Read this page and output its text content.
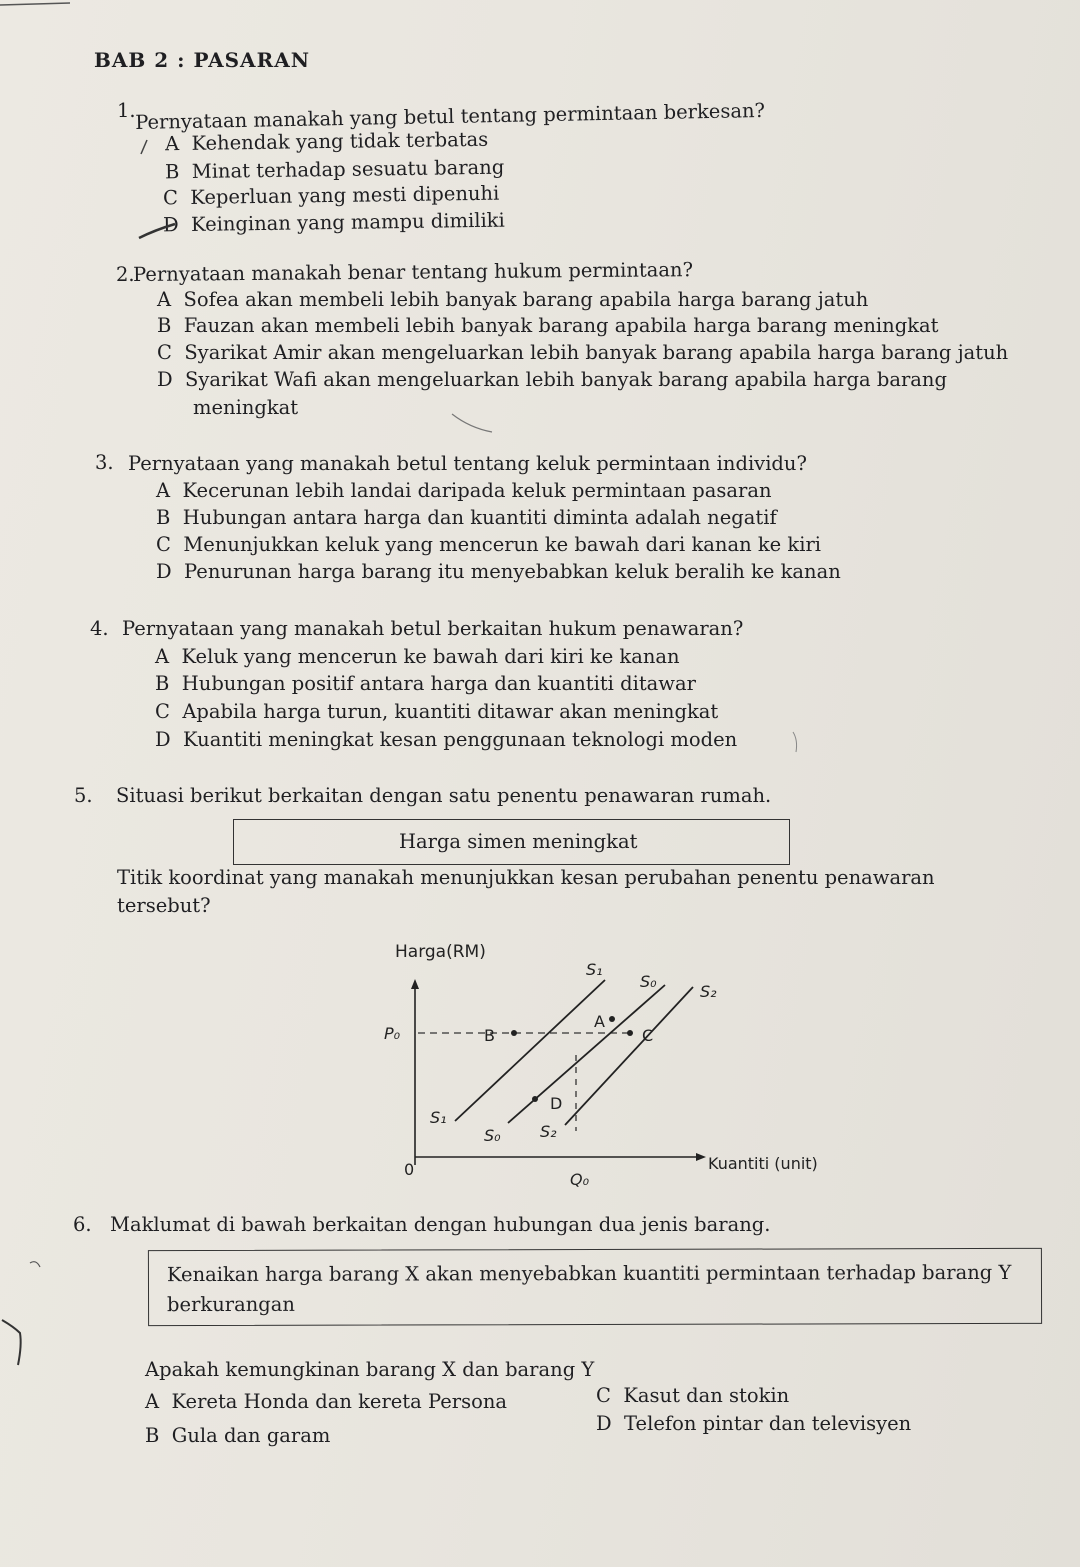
BAB 2 : PASARAN
1. Pernyataan manakah yang betul tentang permintaan berkesan?
A Kehendak yang tidak terbatas
B Minat terhadap sesuatu barang
C Keperluan yang mesti dipenuhi
D Keinginan yang mampu dimiliki
2.
Pernyataan manakah benar tentang hukum permintaan?
A Sofea akan membeli lebih banyak barang apabila harga barang jatuh
B Fauzan akan membeli lebih banyak barang apabila harga barang meningkat
C Syarikat Amir akan mengeluarkan lebih banyak barang apabila harga barang jatuh
D Syarikat Wafi akan mengeluarkan lebih banyak barang apabila harga barang
meningkat
3. Pernyataan yang manakah betul tentang keluk permintaan individu?
A Kecerunan lebih landai daripada keluk permintaan pasaran
B Hubungan antara harga dan kuantiti diminta adalah negatif
C Menunjukkan keluk yang mencerun ke bawah dari kanan ke kiri
D Penurunan harga barang itu menyebabkan keluk beralih ke kanan
4. Pernyataan yang manakah betul berkaitan hukum penawaran?
A Keluk yang mencerun ke bawah dari kiri ke kanan
B Hubungan positif antara harga dan kuantiti ditawar
C Apabila harga turun, kuantiti ditawar akan meningkat
D Kuantiti meningkat kesan penggunaan teknologi moden
5. Situasi berikut berkaitan dengan satu penentu penawaran rumah.
Harga simen meningkat
Titik koordinat yang manakah menunjukkan kesan perubahan penentu penawaran
tersebut?
Harga(RM)
Kuantiti (unit)
0
P₀
Q₀
S₁
S₀
S₂
S₁
S₀ S₂
A
B	C
D
6. Maklumat di bawah berkaitan dengan hubungan dua jenis barang.
Kenaikan harga barang X akan menyebabkan kuantiti permintaan terhadap barang Y
berkurangan
Apakah kemungkinan barang X dan barang Y
A Kereta Honda dan kereta Persona
B Gula dan garam
C Kasut dan stokin
D Telefon pintar dan televisyen
